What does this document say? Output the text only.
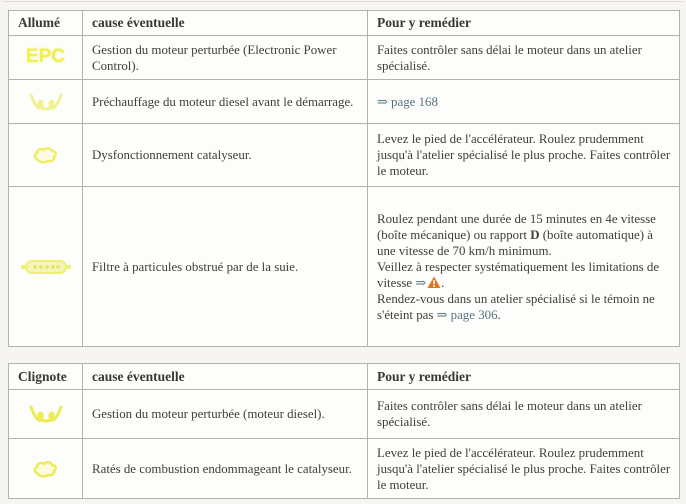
Allumé	cause éventuelle	Pour y remédier
EPC	Gestion du moteur perturbée (Electronic Power Control).	Faites contrôler sans délai le moteur dans un atelier spécialisé.
	Préchauffage du moteur diesel avant le démarrage.	⇒ page 168
	Dysfonctionnement catalyseur.	Levez le pied de l'accélérateur. Roulez prudemment jusqu'à l'atelier spécialisé le plus proche. Faites contrôler le moteur.
	Filtre à particules obstrué par de la suie.	Roulez pendant une durée de 15 minutes en 4e vitesse (boîte mécanique) ou rapport D (boîte automatique) à une vitesse de 70 km/h minimum.

Veillez à respecter systématiquement les limitations de vitesse ⇒ .

Rendez-vous dans un atelier spécialisé si le témoin ne s'éteint pas ⇒ page 306.

Clignote	cause éventuelle	Pour y remédier
	Gestion du moteur perturbée (moteur diesel).	Faites contrôler sans délai le moteur dans un atelier spécialisé.
	Ratés de combustion endommageant le catalyseur.	Levez le pied de l'accélérateur. Roulez prudemment jusqu'à l'atelier spécialisé le plus proche. Faites contrôler le moteur.
